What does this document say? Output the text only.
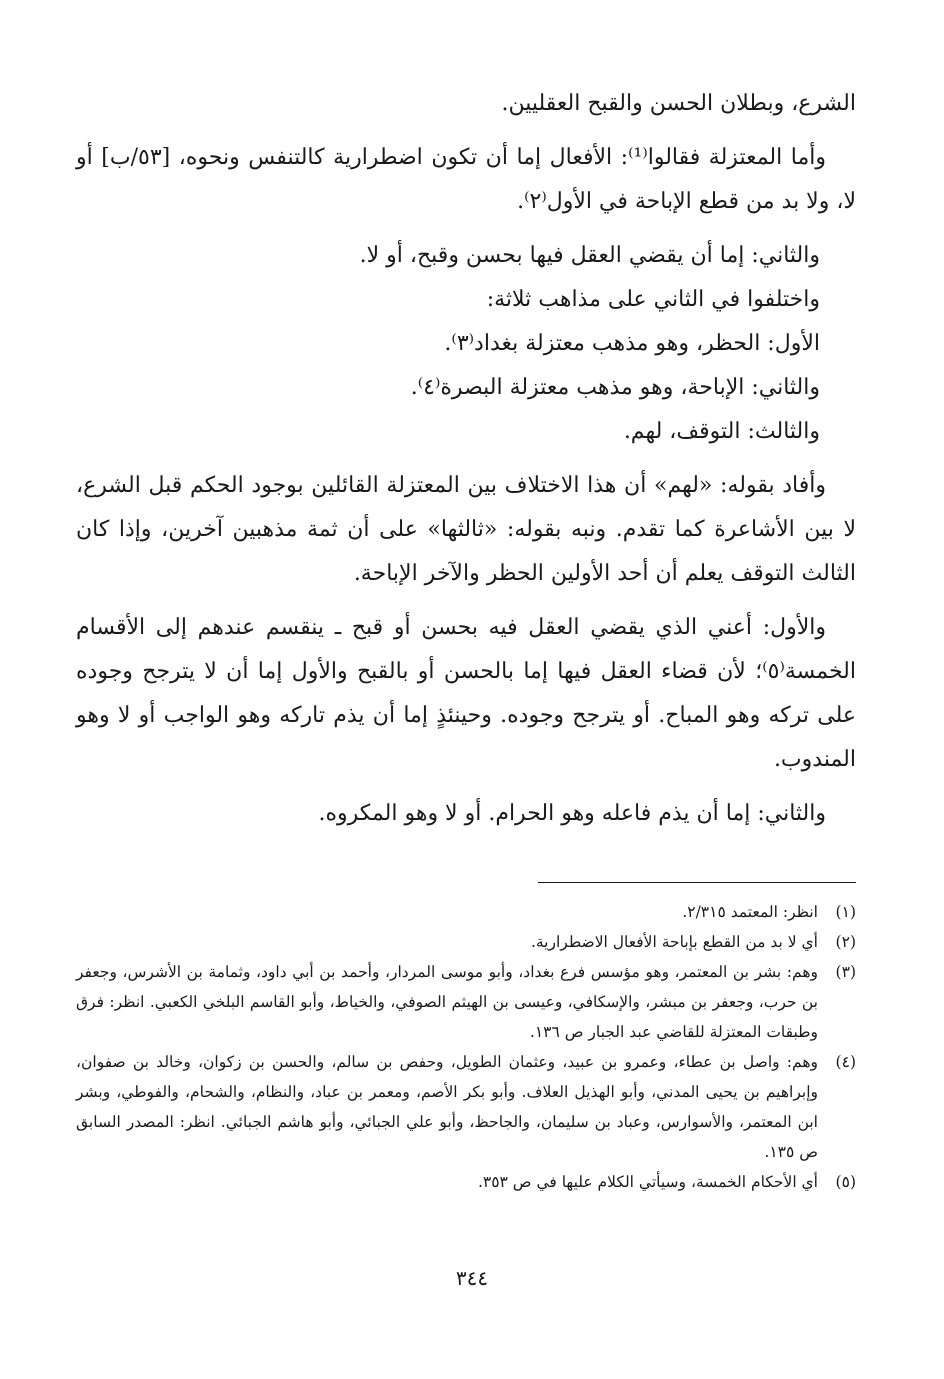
الشرع، وبطلان الحسن والقبح العقليين.

وأما المعتزلة فقالوا⁽¹⁾: الأفعال إما أن تكون اضطرارية كالتنفس ونحوه، [٥٣/ب] أو لا، ولا بد من قطع الإباحة في الأول⁽٢⁾.

والثاني: إما أن يقضي العقل فيها بحسن وقبح، أو لا.

واختلفوا في الثاني على مذاهب ثلاثة:

الأول: الحظر، وهو مذهب معتزلة بغداد⁽٣⁾.

والثاني: الإباحة، وهو مذهب معتزلة البصرة⁽٤⁾.

والثالث: التوقف، لهم.

وأفاد بقوله: «لهم» أن هذا الاختلاف بين المعتزلة القائلين بوجود الحكم قبل الشرع، لا بين الأشاعرة كما تقدم. ونبه بقوله: «ثالثها» على أن ثمة مذهبين آخرين، وإذا كان الثالث التوقف يعلم أن أحد الأولين الحظر والآخر الإباحة.

والأول: أعني الذي يقضي العقل فيه بحسن أو قبح ـ ينقسم عندهم إلى الأقسام الخمسة⁽٥⁾؛ لأن قضاء العقل فيها إما بالحسن أو بالقبح والأول إما أن لا يترجح وجوده على تركه وهو المباح. أو يترجح وجوده. وحينئذٍ إما أن يذم تاركه وهو الواجب أو لا وهو المندوب.

والثاني: إما أن يذم فاعله وهو الحرام. أو لا وهو المكروه.

(١)
انظر: المعتمد ٢/٣١٥.
(٢)
أي لا بد من القطع بإباحة الأفعال الاضطرارية.
(٣)
وهم: بشر بن المعتمر، وهو مؤسس فرع بغداد، وأبو موسى المردار، وأحمد بن أبي داود، وثمامة بن الأشرس، وجعفر بن حرب، وجعفر بن مبشر، والإسكافي، وعيسى بن الهيثم الصوفي، والخياط، وأبو القاسم البلخي الكعبي. انظر: فرق وطبقات المعتزلة للقاضي عبد الجبار ص ١٣٦.
(٤)
وهم: واصل بن عطاء، وعمرو بن عبيد، وعثمان الطويل، وحفص بن سالم، والحسن بن زكوان، وخالد بن صفوان، وإبراهيم بن يحيى المدني، وأبو الهذيل العلاف. وأبو بكر الأصم، ومعمر بن عباد، والنظام، والشحام، والفوطي، وبشر ابن المعتمر، والأسوارس، وعباد بن سليمان، والجاحظ، وأبو علي الجبائي، وأبو هاشم الجبائي. انظر: المصدر السابق ص ١٣٥.
(٥)
أي الأحكام الخمسة، وسيأتي الكلام عليها في ص ٣٥٣.
٣٤٤
